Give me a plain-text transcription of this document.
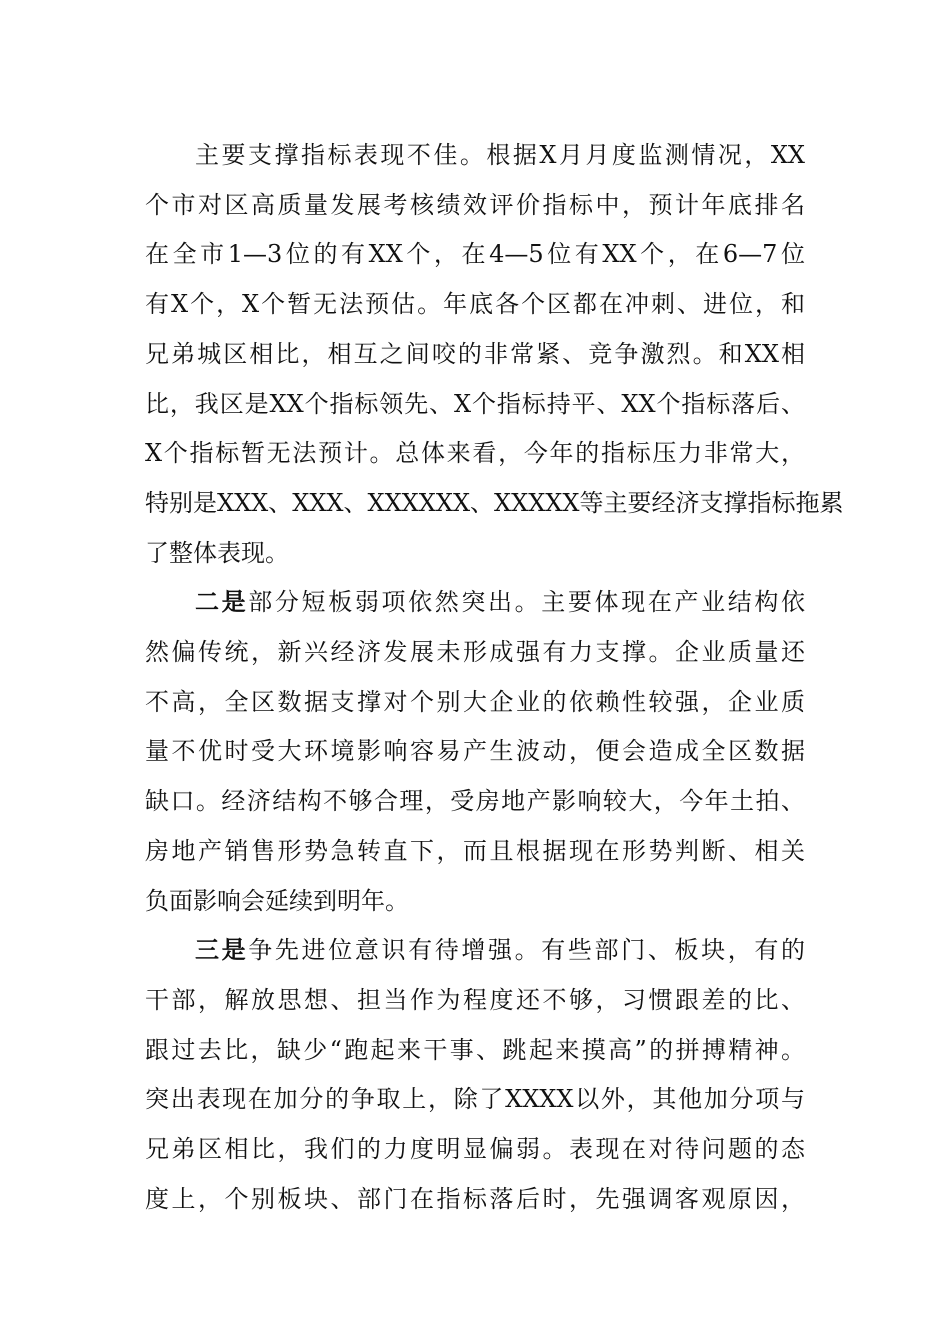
主要支撑指标表现不佳。根据X月月度监测情况，XX
个市对区高质量发展考核绩效评价指标中，预计年底排名
在全市1—3位的有XX个，在4—5位有XX个，在6—7位
有X个，X个暂无法预估。年底各个区都在冲刺、进位，和
兄弟城区相比，相互之间咬的非常紧、竞争激烈。和XX相
比，我区是XX个指标领先、X个指标持平、XX个指标落后、
X个指标暂无法预计。总体来看，今年的指标压力非常大，
特别是XXX、XXX、XXXXXX、XXXXX等主要经济支撑指标拖累
了整体表现。
二是部分短板弱项依然突出。主要体现在产业结构依
然偏传统，新兴经济发展未形成强有力支撑。企业质量还
不高，全区数据支撑对个别大企业的依赖性较强，企业质
量不优时受大环境影响容易产生波动，便会造成全区数据
缺口。经济结构不够合理，受房地产影响较大，今年土拍、
房地产销售形势急转直下，而且根据现在形势判断、相关
负面影响会延续到明年。
三是争先进位意识有待增强。有些部门、板块，有的
干部，解放思想、担当作为程度还不够，习惯跟差的比、
跟过去比，缺少“跑起来干事、跳起来摸高”的拼搏精神。
突出表现在加分的争取上，除了XXXX以外，其他加分项与
兄弟区相比，我们的力度明显偏弱。表现在对待问题的态
度上，个别板块、部门在指标落后时，先强调客观原因，
